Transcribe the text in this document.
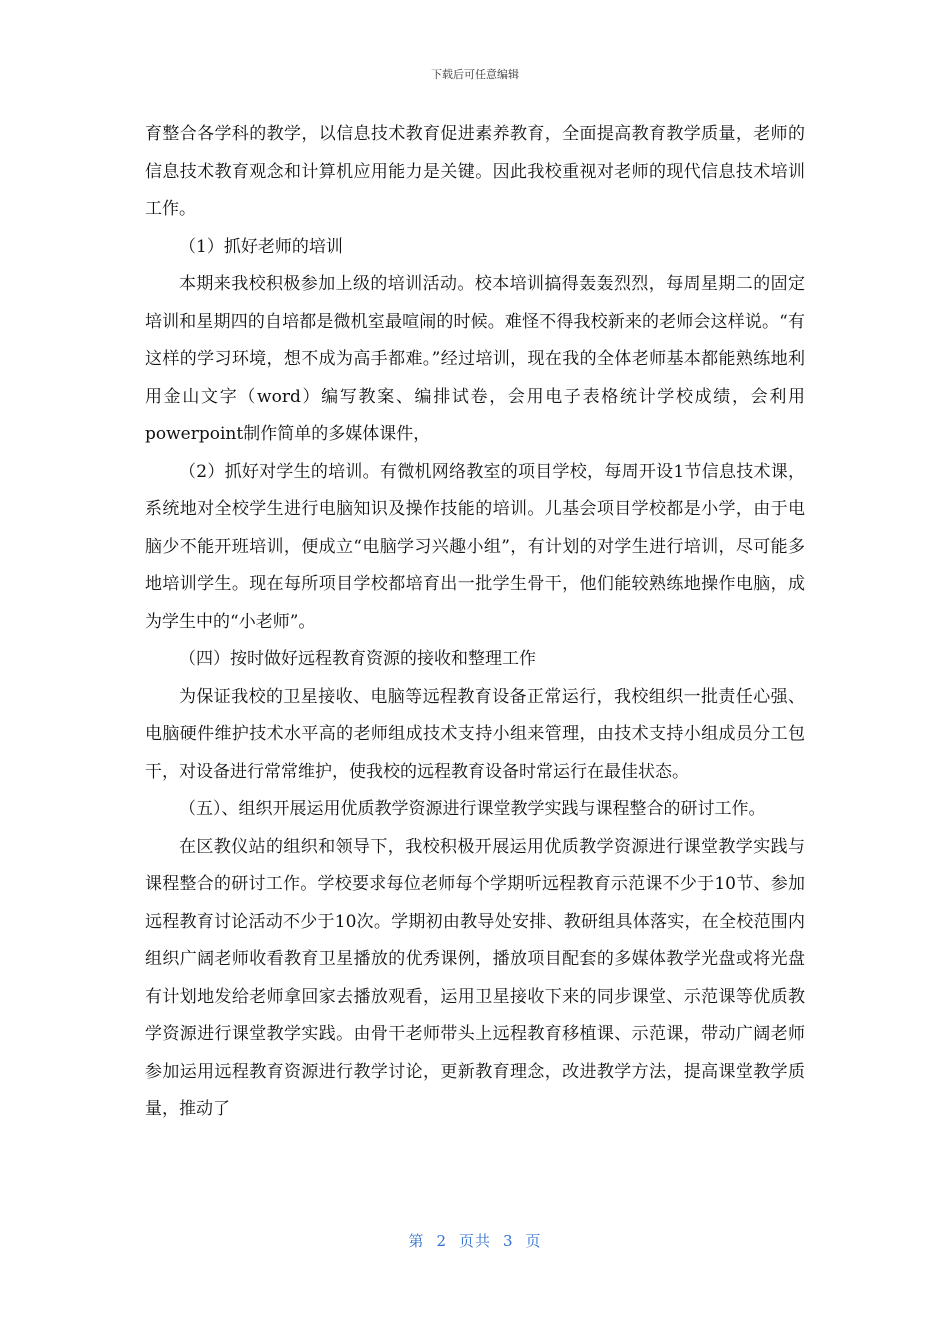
下载后可任意编辑

育整合各学科的教学，以信息技术教育促进素养教育，全面提高教育教学质量，老师的信息技术教育观念和计算机应用能力是关键。因此我校重视对老师的现代信息技术培训工作。

（1）抓好老师的培训

本期来我校积极参加上级的培训活动。校本培训搞得轰轰烈烈，每周星期二的固定培训和星期四的自培都是微机室最喧闹的时候。难怪不得我校新来的老师会这样说。“有这样的学习环境，想不成为高手都难。”经过培训，现在我的全体老师基本都能熟练地利用金山文字（word）编写教案、编排试卷，会用电子表格统计学校成绩，会利用powerpoint制作简单的多媒体课件，

（2）抓好对学生的培训。有微机网络教室的项目学校，每周开设1节信息技术课，系统地对全校学生进行电脑知识及操作技能的培训。儿基会项目学校都是小学，由于电脑少不能开班培训，便成立“电脑学习兴趣小组”，有计划的对学生进行培训，尽可能多地培训学生。现在每所项目学校都培育出一批学生骨干，他们能较熟练地操作电脑，成为学生中的“小老师”。

（四）按时做好远程教育资源的接收和整理工作

为保证我校的卫星接收、电脑等远程教育设备正常运行，我校组织一批责任心强、电脑硬件维护技术水平高的老师组成技术支持小组来管理，由技术支持小组成员分工包干，对设备进行常常维护，使我校的远程教育设备时常运行在最佳状态。

（五）、组织开展运用优质教学资源进行课堂教学实践与课程整合的研讨工作。

在区教仪站的组织和领导下，我校积极开展运用优质教学资源进行课堂教学实践与课程整合的研讨工作。学校要求每位老师每个学期听远程教育示范课不少于10节、参加远程教育讨论活动不少于10次。学期初由教导处安排、教研组具体落实，在全校范围内组织广阔老师收看教育卫星播放的优秀课例，播放项目配套的多媒体教学光盘或将光盘有计划地发给老师拿回家去播放观看，运用卫星接收下来的同步课堂、示范课等优质教学资源进行课堂教学实践。由骨干老师带头上远程教育移植课、示范课，带动广阔老师参加运用远程教育资源进行教学讨论，更新教育理念，改进教学方法，提高课堂教学质量，推动了

第 2 页共 3 页
